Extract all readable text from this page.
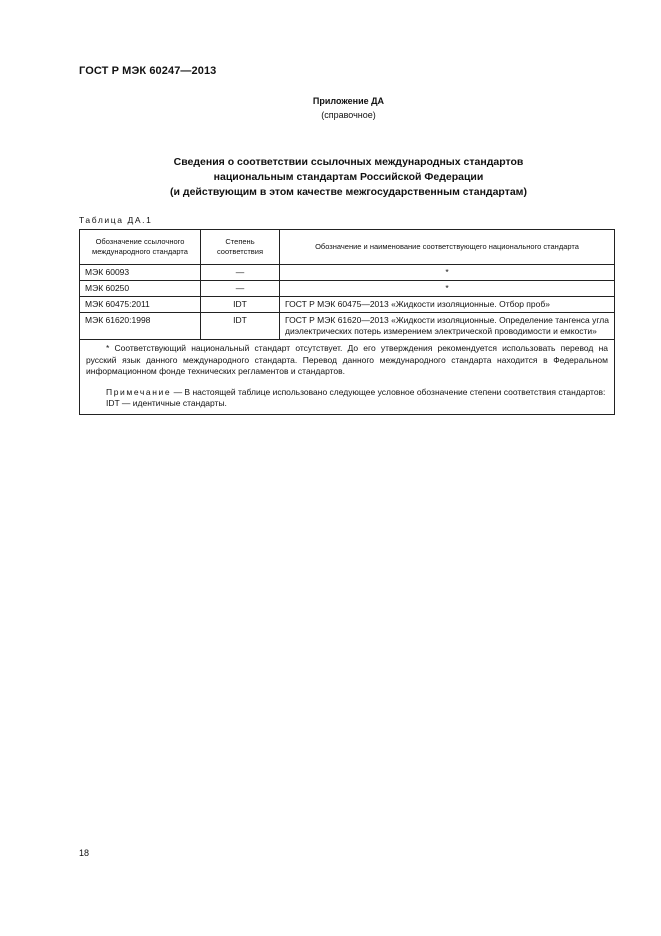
ГОСТ Р МЭК 60247—2013
Приложение ДА
(справочное)
Сведения о соответствии ссылочных международных стандартов
национальным стандартам Российской Федерации
(и действующим в этом качестве межгосударственным стандартам)
Таблица ДА.1
Обозначение ссылочного международного стандарта	Степень соответствия	Обозначение и наименование соответствующего национального стандарта
МЭК 60093	—	*
МЭК 60250	—	*
МЭК 60475:2011	IDT	ГОСТ Р МЭК 60475—2013 «Жидкости изоляционные. Отбор проб»
МЭК 61620:1998	IDT	ГОСТ Р МЭК 61620—2013 «Жидкости изоляционные. Определение тангенса угла диэлектрических потерь измерением электрической проводимости и емкости»

* Соответствующий национальный стандарт отсутствует. До его утверждения рекомендуется использовать перевод на русский язык данного международного стандарта. Перевод данного международного стандарта находится в Федеральном информационном фонде технических регламентов и стандартов.

Примечание — В настоящей таблице использовано следующее условное обозначение степени соответствия стандартов:

IDT — идентичные стандарты.		

18
